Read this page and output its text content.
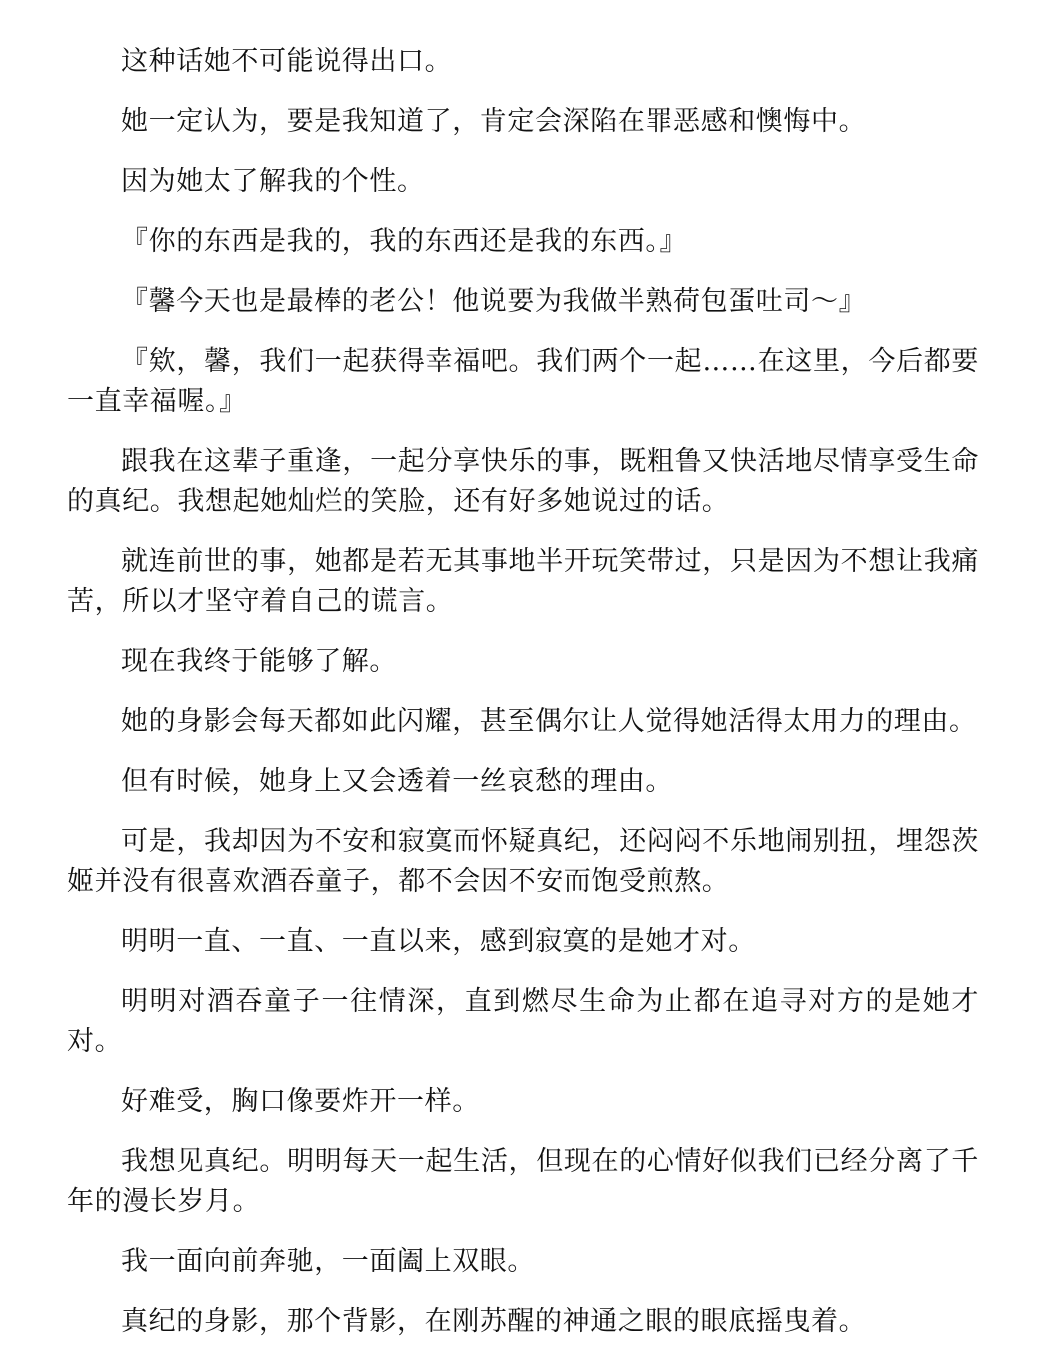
这种话她不可能说得出口。

她一定认为，要是我知道了，肯定会深陷在罪恶感和懊悔中。

因为她太了解我的个性。

『你的东西是我的，我的东西还是我的东西。』

『馨今天也是最棒的老公！他说要为我做半熟荷包蛋吐司～』

『欸，馨，我们一起获得幸福吧。我们两个一起……在这里，今后都要一直幸福喔。』

跟我在这辈子重逢，一起分享快乐的事，既粗鲁又快活地尽情享受生命的真纪。我想起她灿烂的笑脸，还有好多她说过的话。

就连前世的事，她都是若无其事地半开玩笑带过，只是因为不想让我痛苦，所以才坚守着自己的谎言。

现在我终于能够了解。

她的身影会每天都如此闪耀，甚至偶尔让人觉得她活得太用力的理由。

但有时候，她身上又会透着一丝哀愁的理由。

可是，我却因为不安和寂寞而怀疑真纪，还闷闷不乐地闹别扭，埋怨茨姬并没有很喜欢酒吞童子，都不会因不安而饱受煎熬。

明明一直、一直、一直以来，感到寂寞的是她才对。

明明对酒吞童子一往情深，直到燃尽生命为止都在追寻对方的是她才对。

好难受，胸口像要炸开一样。

我想见真纪。明明每天一起生活，但现在的心情好似我们已经分离了千年的漫长岁月。

我一面向前奔驰，一面阖上双眼。

真纪的身影，那个背影，在刚苏醒的神通之眼的眼底摇曳着。
